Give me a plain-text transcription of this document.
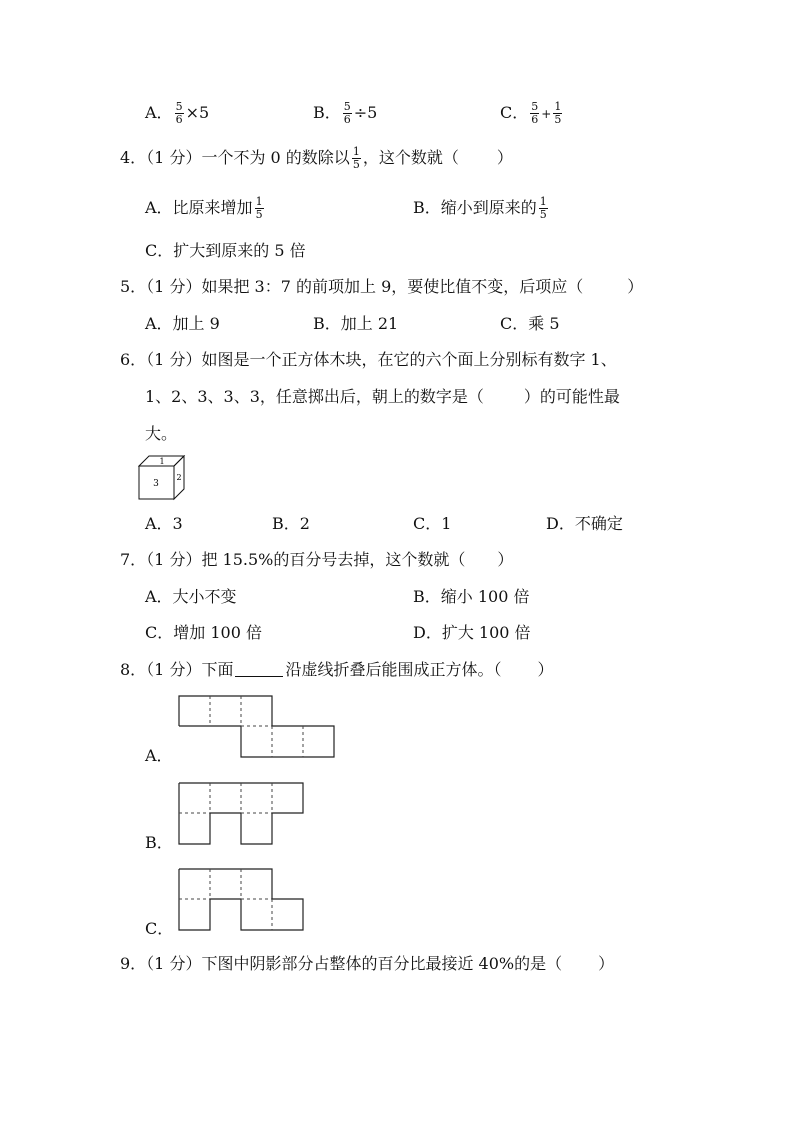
A． $\frac{5}{6} \times 5$	B． $\frac{5}{6} \div 5$	C． $\frac{5}{6} + \frac{1}{5}$
4．（1 分）一个不为 0 的数除以 $\frac{1}{5}$ ，这个数就（ ）
A．比原来增加 $\frac{1}{5}$	B．缩小到原来的 $\frac{1}{5}$
C．扩大到原来的 5 倍
5．（1 分）如果把 3：7 的前项加上 9，要使比值不变，后项应（	）
A．加上 9	B．加上 21	C．乘 5
6．（1 分）如图是一个正方体木块，在它的六个面上分别标有数字 1、
1、2、3、3、3，任意掷出后，朝上的数字是（	）的可能性最
大。
1
3
2
A．3	B．2	C．1	D．不确定
7．（1 分）把 15.5%的百分号去掉，这个数就（ ）
A．大小不变	B．缩小 100 倍
C．增加 100 倍	D．扩大 100 倍
8．（1 分）下面	沿虚线折叠后能围成正方体。（ ）
A．
B．
C．
9．（1 分）下图中阴影部分占整体的百分比最接近 40%的是（ ）
